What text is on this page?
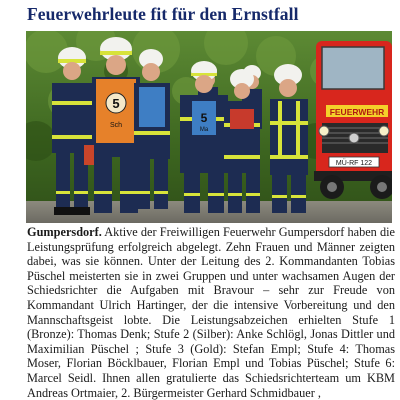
Feuerwehrleute fit für den Ernstfall
FEUERWEHR
MÜ-RF 122
5
Sch
5
Ma

Gumpersdorf. Aktive der Freiwilligen Feuerwehr Gumpersdorf haben die Leistungsprüfung erfolgreich abgelegt. Zehn Frauen und Männer zeigten dabei, was sie können. Unter der Leitung des 2. Kommandanten Tobias Püschel meisterten sie in zwei Gruppen und unter wachsamen Augen der Schiedsrichter die Aufgaben mit Bravour – sehr zur Freude von Kommandant Ulrich Hartinger, der die intensive Vorbereitung und den Mannschaftsgeist lobte. Die Leistungsabzeichen erhielten Stufe 1 (Bronze): Thomas Denk; Stufe 2 (Silber): Anke Schlögl, Jonas Dittler und Maximilian Püschel ; Stufe 3 (Gold): Stefan Empl; Stufe 4: Thomas Moser, Florian Böcklbauer, Florian Empl und Tobias Püschel; Stufe 6: Marcel Seidl. Ihnen allen gratulierte das Schiedsrichterteam um KBM Andreas Ortmaier, 2. Bürgermeister Gerhard Schmidbauer ,
